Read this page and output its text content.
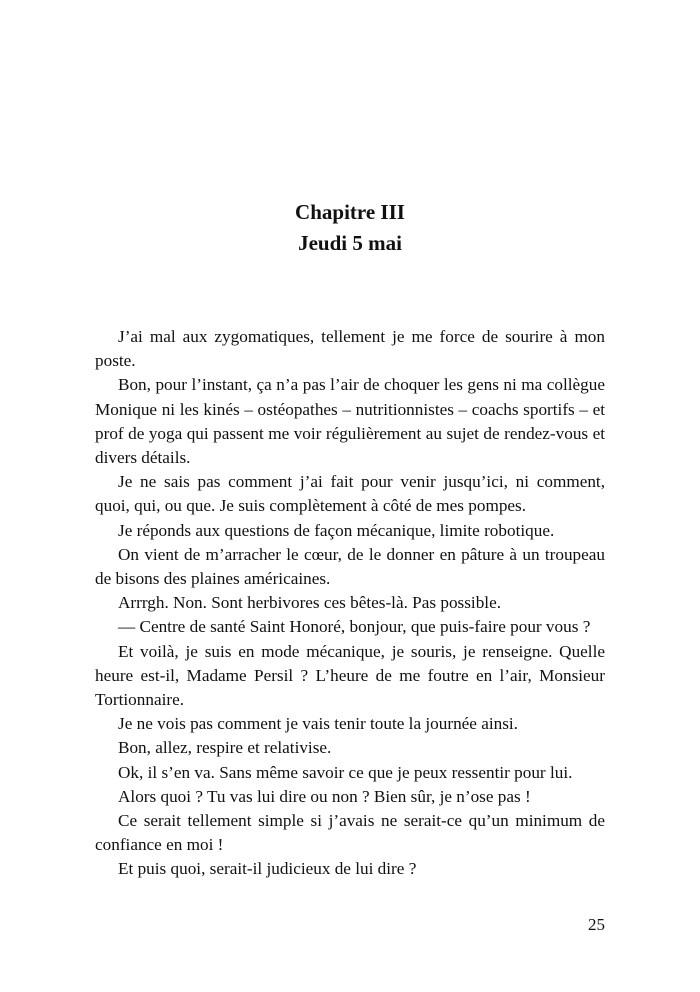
Chapitre III
Jeudi 5 mai

J’ai mal aux zygomatiques, tellement je me force de sourire à mon poste.

Bon, pour l’instant, ça n’a pas l’air de choquer les gens ni ma collègue Monique ni les kinés – ostéopathes – nutritionnistes – coachs sportifs – et prof de yoga qui passent me voir régulièrement au sujet de rendez-vous et divers détails.

Je ne sais pas comment j’ai fait pour venir jusqu’ici, ni comment, quoi, qui, ou que. Je suis complètement à côté de mes pompes.

Je réponds aux questions de façon mécanique, limite robotique.

On vient de m’arracher le cœur, de le donner en pâture à un troupeau de bisons des plaines américaines.

Arrrgh. Non. Sont herbivores ces bêtes-là. Pas possible.

— Centre de santé Saint Honoré, bonjour, que puis-faire pour vous ?

Et voilà, je suis en mode mécanique, je souris, je renseigne. Quelle heure est-il, Madame Persil ? L’heure de me foutre en l’air, Monsieur Tortionnaire.

Je ne vois pas comment je vais tenir toute la journée ainsi.

Bon, allez, respire et relativise.

Ok, il s’en va. Sans même savoir ce que je peux ressentir pour lui.

Alors quoi ? Tu vas lui dire ou non ? Bien sûr, je n’ose pas !

Ce serait tellement simple si j’avais ne serait-ce qu’un minimum de confiance en moi !

Et puis quoi, serait-il judicieux de lui dire ?

25
